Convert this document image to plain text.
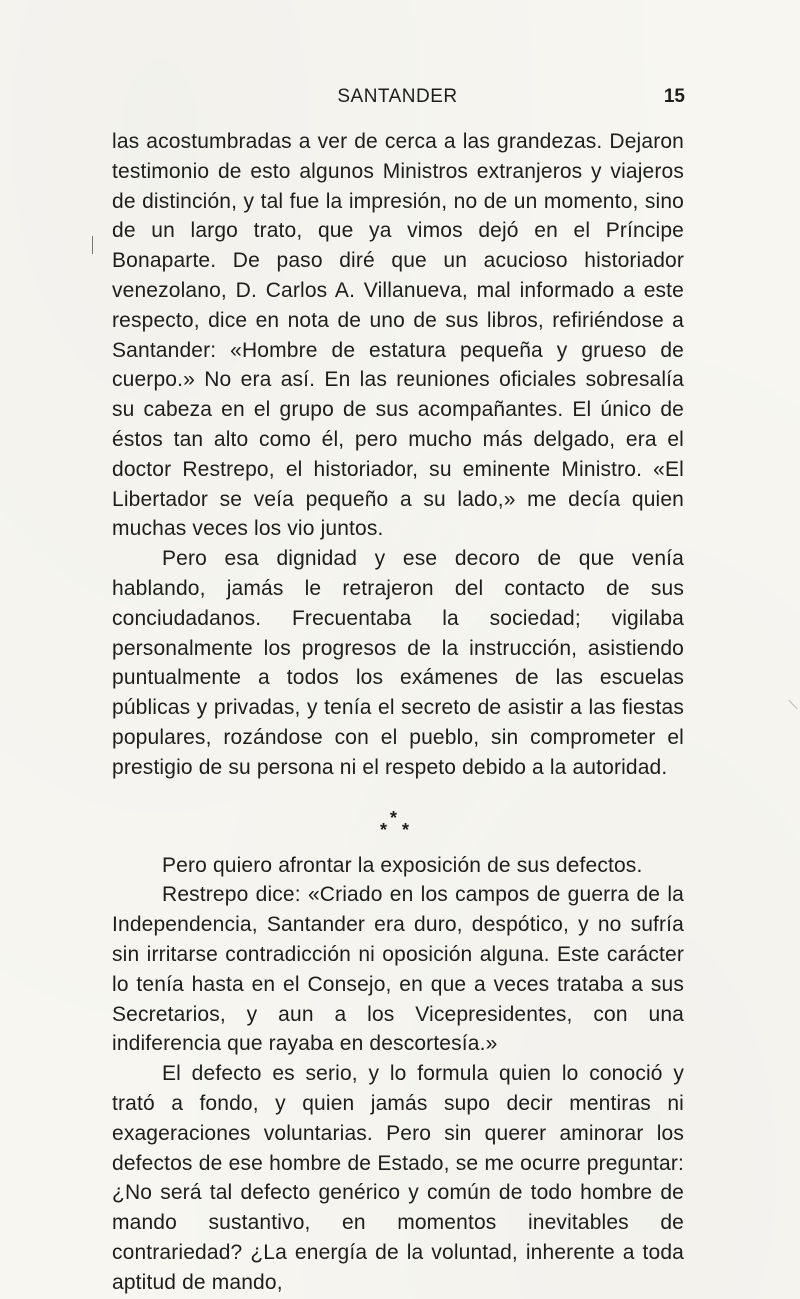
SANTANDER	15

las acostumbradas a ver de cerca a las grandezas. Dejaron testimonio de esto algunos Ministros extranjeros y viajeros de distinción, y tal fue la impresión, no de un momento, sino de un largo trato, que ya vimos dejó en el Príncipe Bonaparte. De paso diré que un acucioso historiador venezolano, D. Carlos A. Villanueva, mal informado a este respecto, dice en nota de uno de sus libros, refiriéndose a Santander: «Hombre de estatura pequeña y grueso de cuerpo.» No era así. En las reuniones oficiales sobresalía su cabeza en el grupo de sus acompañantes. El único de éstos tan alto como él, pero mucho más delgado, era el doctor Restrepo, el historiador, su eminente Ministro. «El Libertador se veía pequeño a su lado,» me decía quien muchas veces los vio juntos.

Pero esa dignidad y ese decoro de que venía hablando, jamás le retrajeron del contacto de sus conciudadanos. Frecuentaba la sociedad; vigilaba personalmente los progresos de la instrucción, asistiendo puntualmente a todos los exámenes de las escuelas públicas y privadas, y tenía el secreto de asistir a las fiestas populares, rozándose con el pueblo, sin comprometer el prestigio de su persona ni el respeto debido a la autoridad.

*
* *

Pero quiero afrontar la exposición de sus defectos.

Restrepo dice: «Criado en los campos de guerra de la Independencia, Santander era duro, despótico, y no sufría sin irritarse contradicción ni oposición alguna. Este carácter lo tenía hasta en el Consejo, en que a veces trataba a sus Secretarios, y aun a los Vicepresidentes, con una indiferencia que rayaba en descortesía.»

El defecto es serio, y lo formula quien lo conoció y trató a fondo, y quien jamás supo decir mentiras ni exageraciones voluntarias. Pero sin querer aminorar los defectos de ese hombre de Estado, se me ocurre preguntar: ¿No será tal defecto genérico y común de todo hombre de mando sustantivo, en momentos inevitables de contrariedad? ¿La energía de la voluntad, inherente a toda aptitud de mando,
